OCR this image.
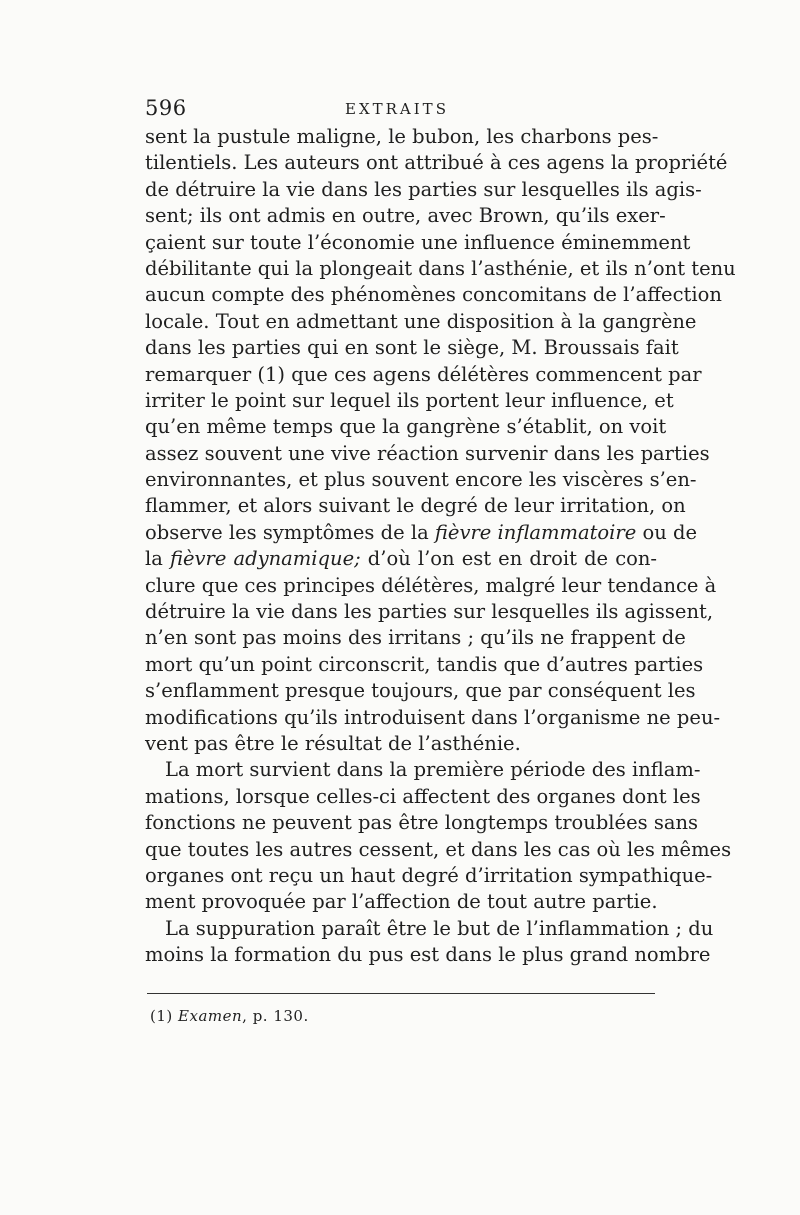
596	EXTRAITS
sent la pustule maligne, le bubon, les charbons pes-
tilentiels. Les auteurs ont attribué à ces agens la propriété
de détruire la vie dans les parties sur lesquelles ils agis-
sent; ils ont admis en outre, avec Brown, qu’ils exer-
çaient sur toute l’économie une influence éminemment
débilitante qui la plongeait dans l’asthénie, et ils n’ont tenu
aucun compte des phénomènes concomitans de l’affection
locale. Tout en admettant une disposition à la gangrène
dans les parties qui en sont le siège, M. Broussais fait
remarquer (1) que ces agens délétères commencent par
irriter le point sur lequel ils portent leur influence, et
qu’en même temps que la gangrène s’établit, on voit
assez souvent une vive réaction survenir dans les parties
environnantes, et plus souvent encore les viscères s’en-
flammer, et alors suivant le degré de leur irritation, on
observe les symptômes de la fièvre inflammatoire ou de
la fièvre adynamique; d’où l’on est en droit de con-
clure que ces principes délétères, malgré leur tendance à
détruire la vie dans les parties sur lesquelles ils agissent,
n’en sont pas moins des irritans ; qu’ils ne frappent de
mort qu’un point circonscrit, tandis que d’autres parties
s’enflamment presque toujours, que par conséquent les
modifications qu’ils introduisent dans l’organisme ne peu-
vent pas être le résultat de l’asthénie.
La mort survient dans la première période des inflam-
mations, lorsque celles-ci affectent des organes dont les
fonctions ne peuvent pas être longtemps troublées sans
que toutes les autres cessent, et dans les cas où les mêmes
organes ont reçu un haut degré d’irritation sympathique-
ment provoquée par l’affection de tout autre partie.
La suppuration paraît être le but de l’inflammation ; du
moins la formation du pus est dans le plus grand nombre
(1) Examen, p. 130.
